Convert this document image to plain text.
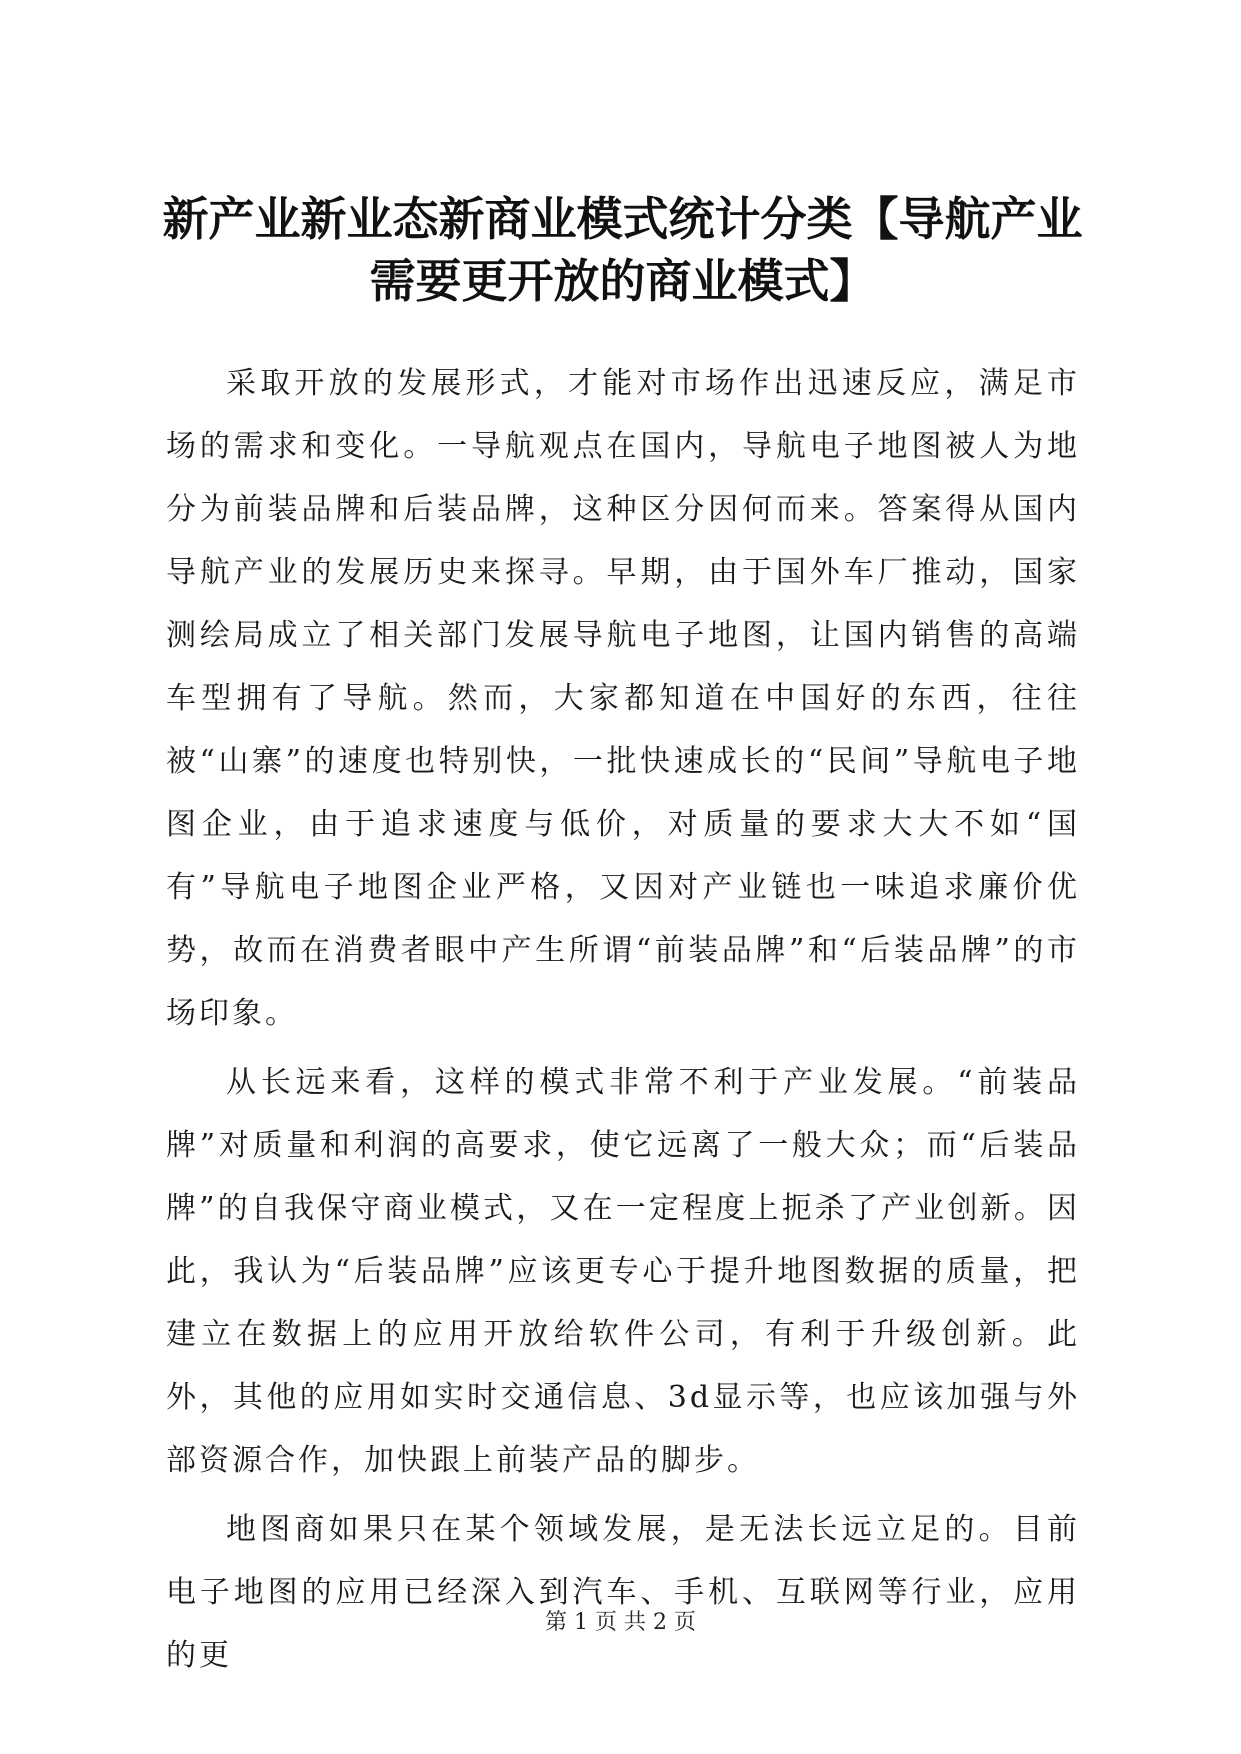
新产业新业态新商业模式统计分类【导航产业需要更开放的商业模式】

采取开放的发展形式，才能对市场作出迅速反应，满足市场的需求和变化。一导航观点在国内，导航电子地图被人为地分为前装品牌和后装品牌，这种区分因何而来。答案得从国内导航产业的发展历史来探寻。早期，由于国外车厂推动，国家测绘局成立了相关部门发展导航电子地图，让国内销售的高端车型拥有了导航。然而，大家都知道在中国好的东西，往往被“山寨”的速度也特别快，一批快速成长的“民间”导航电子地图企业，由于追求速度与低价，对质量的要求大大不如“国有”导航电子地图企业严格，又因对产业链也一味追求廉价优势，故而在消费者眼中产生所谓“前装品牌”和“后装品牌”的市场印象。

从长远来看，这样的模式非常不利于产业发展。“前装品牌”对质量和利润的高要求，使它远离了一般大众；而“后装品牌”的自我保守商业模式，又在一定程度上扼杀了产业创新。因此，我认为“后装品牌”应该更专心于提升地图数据的质量，把建立在数据上的应用开放给软件公司，有利于升级创新。此外，其他的应用如实时交通信息、3d显示等，也应该加强与外部资源合作，加快跟上前装产品的脚步。

地图商如果只在某个领域发展，是无法长远立足的。目前电子地图的应用已经深入到汽车、手机、互联网等行业，应用的更

第 1 页 共 2 页
